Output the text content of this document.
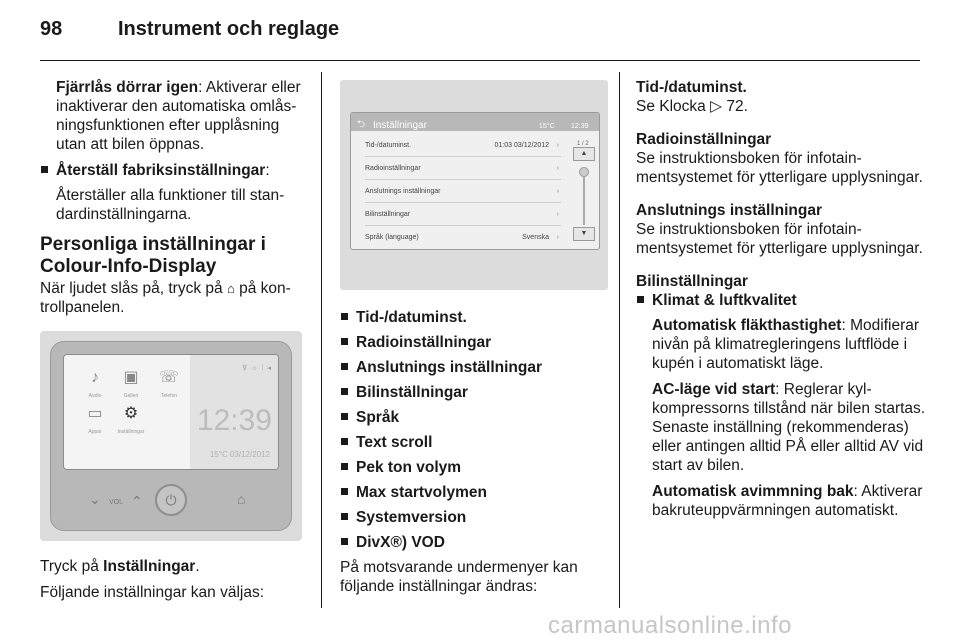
98	Instrument och reglage

Fjärrlås dörrar igen: Aktiverar eller inaktiverar den automatiska omlåsningsfunktionen efter upplåsning utan att bilen öppnas.

Återställ fabriksinställningar:

Återställer alla funktioner till standardinställningarna.

Personliga inställningar i Colour-Info-Display

När ljudet slås på, tryck på ⌂ på kontrollpanelen.

⊽ ☼ ⁞ ◂
♪
Audio
▣
Galleri
☏
Telefon
▭
Appar
⚙
Inställningar 12:39
15°C 03/12/2012
⌄ VOL ⌃	⏻	⌂

Tryck på Inställningar.

Följande inställningar kan väljas:

⮌ Inställningar	15°C 12:39
Tid-/datuminst.	01:03 03/12/2012 ›
Radioinställningar	›
Anslutnings inställningar	›
Bilinställningar	›
Språk (language)	Svenska ›
1 / 2
▲
▼
Tid-/datuminst.
Radioinställningar
Anslutnings inställningar
Bilinställningar
Språk
Text scroll
Pek ton volym
Max startvolymen
Systemversion
DivX®) VOD

På motsvarande undermenyer kan följande inställningar ändras:

Tid-/datuminst.
Se Klocka ▷ 72.

Radioinställningar
Se instruktionsboken för infotainmentsystemet för ytterligare upplysningar.

Anslutnings inställningar
Se instruktionsboken för infotainmentsystemet för ytterligare upplysningar.

Bilinställningar

Klimat & luftkvalitet

Automatisk fläkthastighet: Modifierar nivån på klimatregleringens luftflöde i kupén i automatiskt läge.

AC-läge vid start: Reglerar kylkompressorns tillstånd när bilen startas. Senaste inställning (rekommenderas) eller antingen alltid PÅ eller alltid AV vid start av bilen.

Automatisk avimmning bak: Aktiverar bakruteuppvärmningen automatiskt.

carmanualsonline.info
